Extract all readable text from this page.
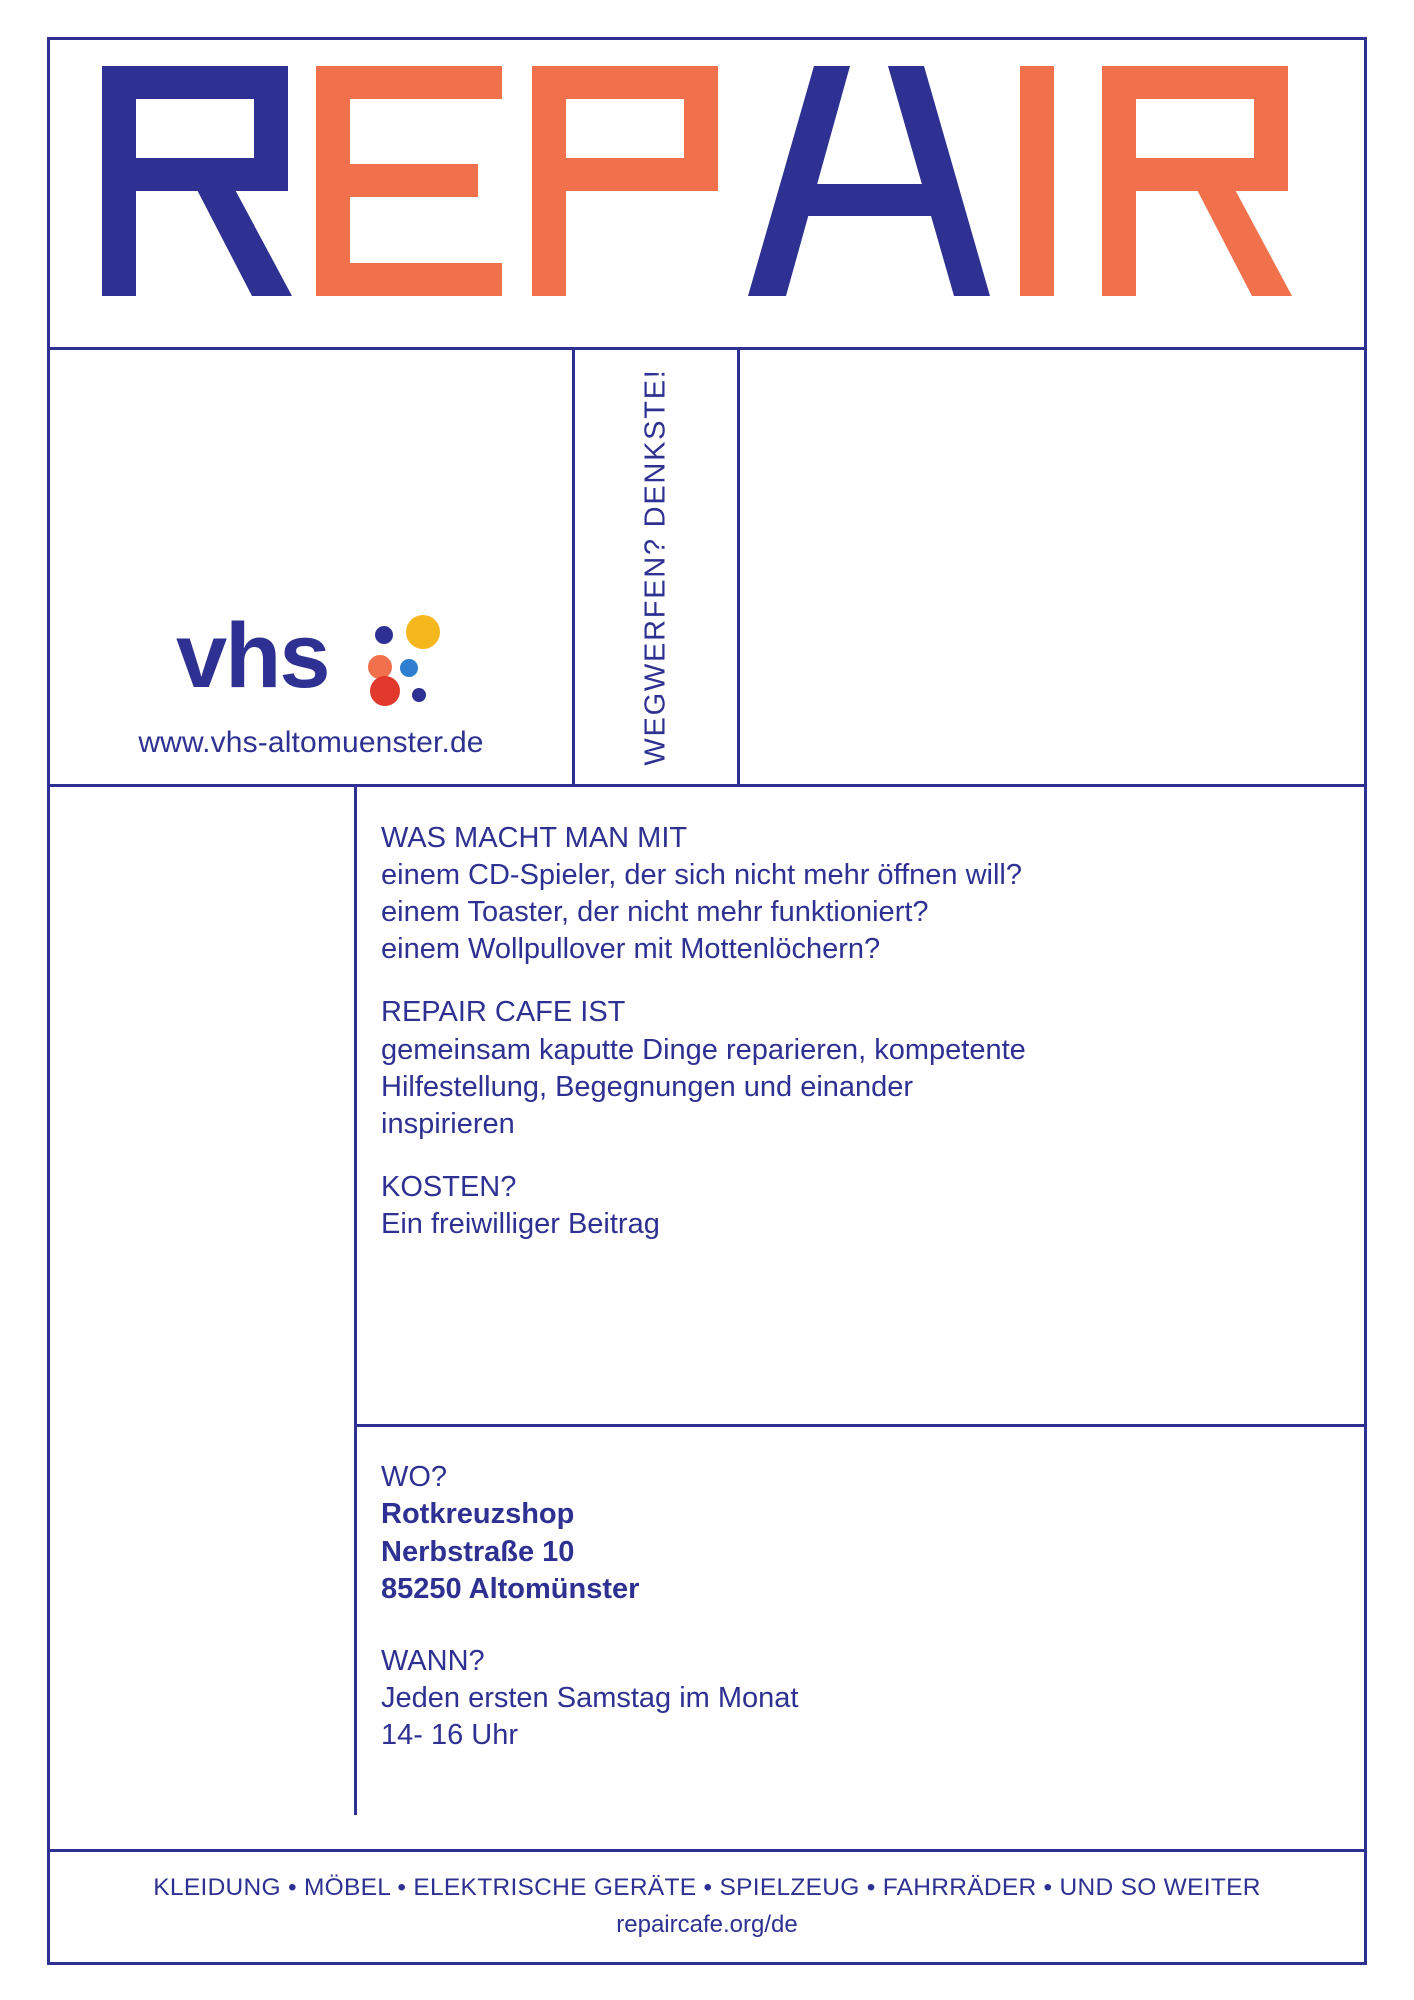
vhs
www.vhs-altomuenster.de	WEGWERFEN? DENKSTE!
WAS MACHT MAN MIT
einem CD-Spieler, der sich nicht mehr öffnen will?
einem Toaster, der nicht mehr funktioniert?
einem Wollpullover mit Mottenlöchern?
REPAIR CAFE IST
gemeinsam kaputte Dinge reparieren, kompetente
Hilfestellung, Begegnungen und einander
inspirieren
KOSTEN?
Ein freiwilliger Beitrag
WO?
Rotkreuzshop
Nerbstraße 10
85250 Altomünster
WANN?
Jeden ersten Samstag im Monat
14- 16 Uhr
KLEIDUNG • MÖBEL • ELEKTRISCHE GERÄTE • SPIELZEUG • FAHRRÄDER • UND SO WEITER
repaircafe.org/de
